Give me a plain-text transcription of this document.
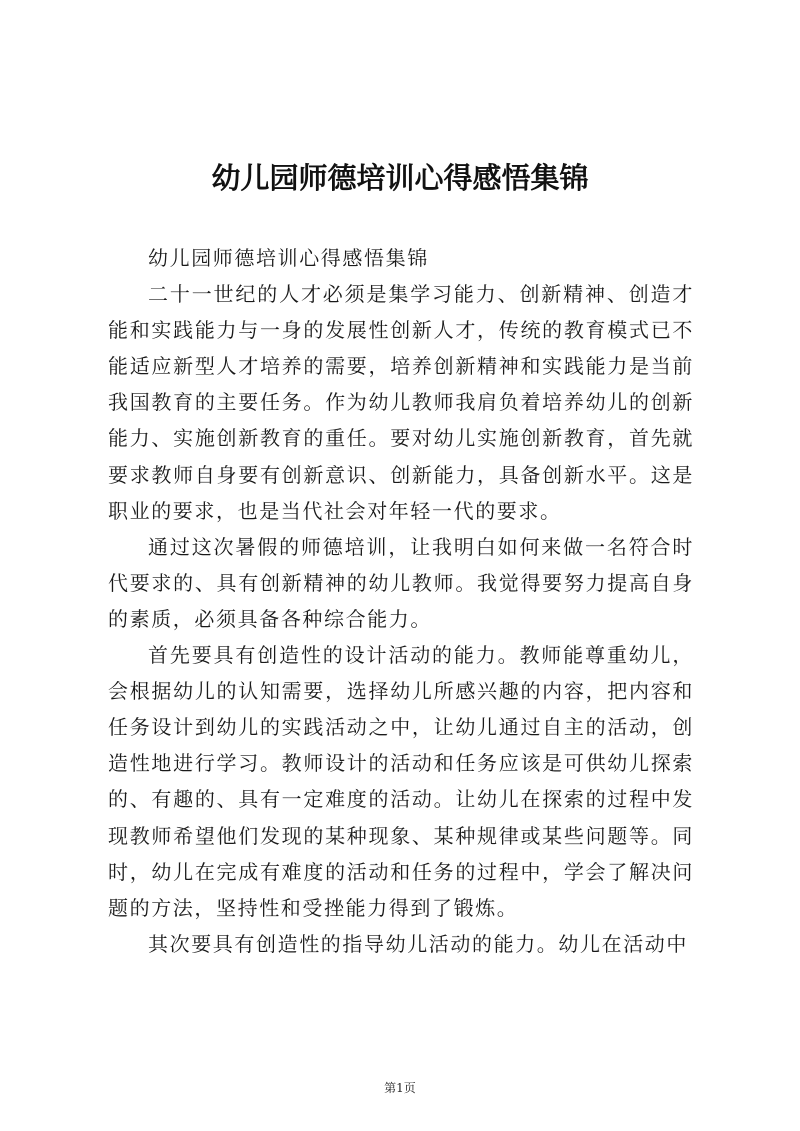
幼儿园师德培训心得感悟集锦

幼儿园师德培训心得感悟集锦

二十一世纪的人才必须是集学习能力、创新精神、创造才能和实践能力与一身的发展性创新人才，传统的教育模式已不能适应新型人才培养的需要，培养创新精神和实践能力是当前我国教育的主要任务。作为幼儿教师我肩负着培养幼儿的创新能力、实施创新教育的重任。要对幼儿实施创新教育，首先就要求教师自身要有创新意识、创新能力，具备创新水平。这是职业的要求，也是当代社会对年轻一代的要求。

通过这次暑假的师德培训，让我明白如何来做一名符合时代要求的、具有创新精神的幼儿教师。我觉得要努力提高自身的素质，必须具备各种综合能力。

首先要具有创造性的设计活动的能力。教师能尊重幼儿，会根据幼儿的认知需要，选择幼儿所感兴趣的内容，把内容和任务设计到幼儿的实践活动之中，让幼儿通过自主的活动，创造性地进行学习。教师设计的活动和任务应该是可供幼儿探索的、有趣的、具有一定难度的活动。让幼儿在探索的过程中发现教师希望他们发现的某种现象、某种规律或某些问题等。同时，幼儿在完成有难度的活动和任务的过程中，学会了解决问题的方法，坚持性和受挫能力得到了锻炼。

其次要具有创造性的指导幼儿活动的能力。幼儿在活动中

第1页
